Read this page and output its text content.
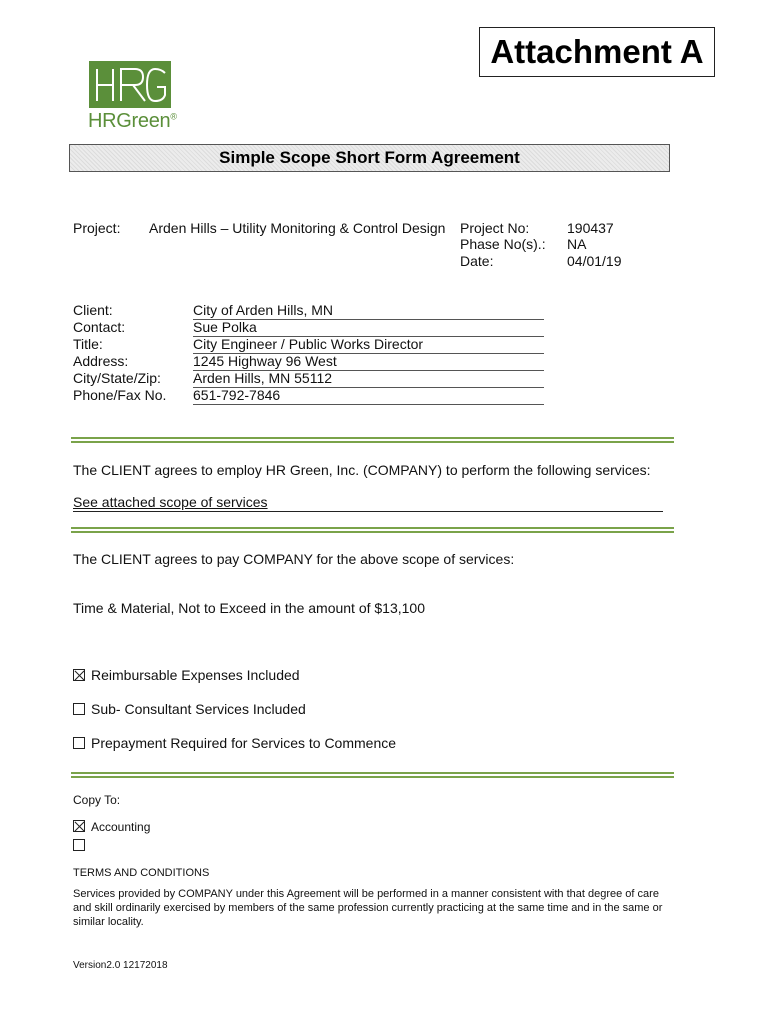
Attachment A
HRGreen®
Simple Scope Short Form Agreement
Project: Arden Hills – Utility Monitoring & Control Design Project No:	190437
Phase No(s).: NA
Date:	04/01/19
Client:	City of Arden Hills, MN
Contact:	Sue Polka
Title:	City Engineer / Public Works Director
Address:	1245 Highway 96 West
City/State/Zip: Arden Hills, MN 55112
Phone/Fax No. 651-792-7846
The CLIENT agrees to employ HR Green, Inc. (COMPANY) to perform the following services:
See attached scope of services
The CLIENT agrees to pay COMPANY for the above scope of services:
Time & Material, Not to Exceed in the amount of $13,100
Reimbursable Expenses Included
Sub- Consultant Services Included
Prepayment Required for Services to Commence
Copy To:
Accounting
TERMS AND CONDITIONS
Services provided by COMPANY under this Agreement will be performed in a manner consistent with that degree of care and skill ordinarily exercised by members of the same profession currently practicing at the same time and in the same or similar locality.
Version2.0 12172018
